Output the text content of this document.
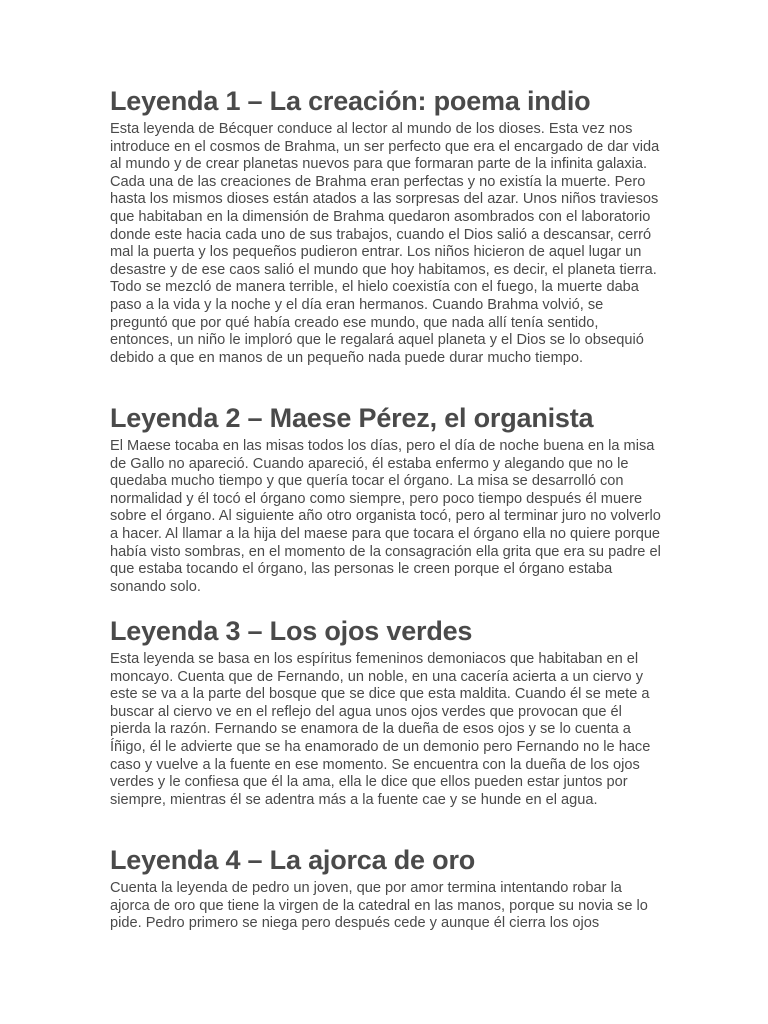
Leyenda 1 – La creación: poema indio

Esta leyenda de Bécquer conduce al lector al mundo de los dioses. Esta vez nos introduce en el cosmos de Brahma, un ser perfecto que era el encargado de dar vida al mundo y de crear planetas nuevos para que formaran parte de la infinita galaxia. Cada una de las creaciones de Brahma eran perfectas y no existía la muerte. Pero hasta los mismos dioses están atados a las sorpresas del azar. Unos niños traviesos que habitaban en la dimensión de Brahma quedaron asombrados con el laboratorio donde este hacia cada uno de sus trabajos, cuando el Dios salió a descansar, cerró mal la puerta y los pequeños pudieron entrar. Los niños hicieron de aquel lugar un desastre y de ese caos salió el mundo que hoy habitamos, es decir, el planeta tierra. Todo se mezcló de manera terrible, el hielo coexistía con el fuego, la muerte daba paso a la vida y la noche y el día eran hermanos. Cuando Brahma volvió, se preguntó que por qué había creado ese mundo, que nada allí tenía sentido, entonces, un niño le imploró que le regalará aquel planeta y el Dios se lo obsequió debido a que en manos de un pequeño nada puede durar mucho tiempo.

Leyenda 2 – Maese Pérez, el organista

El Maese tocaba en las misas todos los días, pero el día de noche buena en la misa de Gallo no apareció. Cuando apareció, él estaba enfermo y alegando que no le quedaba mucho tiempo y que quería tocar el órgano. La misa se desarrolló con normalidad y él tocó el órgano como siempre, pero poco tiempo después él muere sobre el órgano. Al siguiente año otro organista tocó, pero al terminar juro no volverlo a hacer. Al llamar a la hija del maese para que tocara el órgano ella no quiere porque había visto sombras, en el momento de la consagración ella grita que era su padre el que estaba tocando el órgano, las personas le creen porque el órgano estaba sonando solo.

Leyenda 3 – Los ojos verdes

Esta leyenda se basa en los espíritus femeninos demoniacos que habitaban en el moncayo. Cuenta que de Fernando, un noble, en una cacería acierta a un ciervo y este se va a la parte del bosque que se dice que esta maldita. Cuando él se mete a buscar al ciervo ve en el reflejo del agua unos ojos verdes que provocan que él pierda la razón. Fernando se enamora de la dueña de esos ojos y se lo cuenta a Íñigo, él le advierte que se ha enamorado de un demonio pero Fernando no le hace caso y vuelve a la fuente en ese momento. Se encuentra con la dueña de los ojos verdes y le confiesa que él la ama, ella le dice que ellos pueden estar juntos por siempre, mientras él se adentra más a la fuente cae y se hunde en el agua.

Leyenda 4 – La ajorca de oro

Cuenta la leyenda de pedro un joven, que por amor termina intentando robar la ajorca de oro que tiene la virgen de la catedral en las manos, porque su novia se lo pide. Pedro primero se niega pero después cede y aunque él cierra los ojos
